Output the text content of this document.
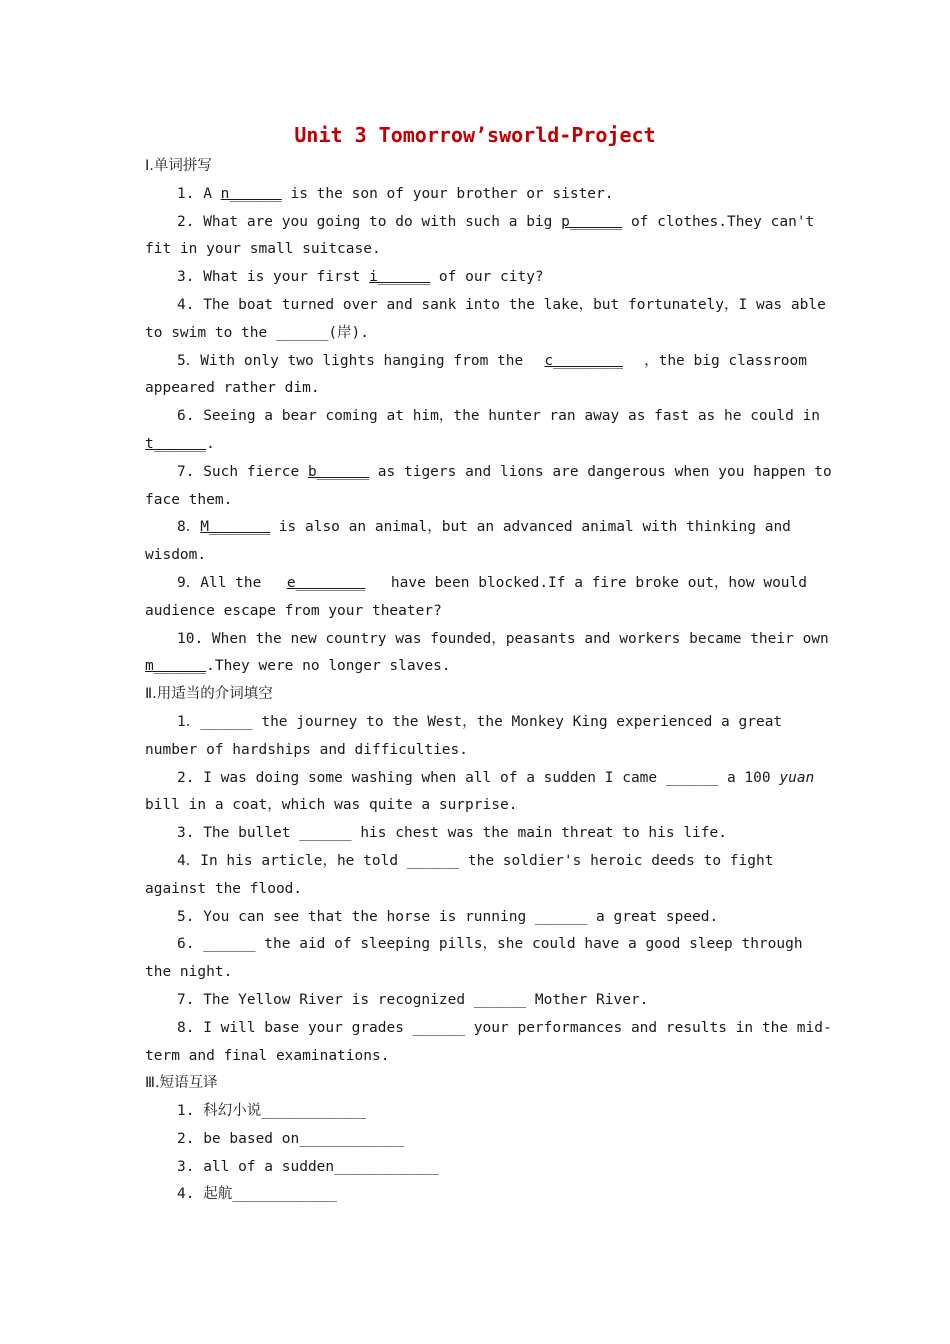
Unit 3 Tomorrow’sworld-Project
Ⅰ.单词拼写
1. A n______ is the son of your brother or sister.
2. What are you going to do with such a big p______ of clothes.They can't
fit in your small suitcase.
3. What is your first i______ of our city?
4. The boat turned over and sank into the lake，but fortunately，I was able
to swim to the ______(岸).
5．With only two lights hanging from the c________ ，the big classroom
appeared rather dim.
6. Seeing a bear coming at him，the hunter ran away as fast as he could in
t______.
7. Such fierce b______ as tigers and lions are dangerous when you happen to
face them.
8．M_______ is also an animal，but an advanced animal with thinking and
wisdom.
9．All the e________ have been blocked.If a fire broke out，how would
audience escape from your theater?
10. When the new country was founded，peasants and workers became their own
m______.They were no longer slaves.
Ⅱ.用适当的介词填空
1．______ the journey to the West，the Monkey King experienced a great
number of hardships and difficulties.
2. I was doing some washing when all of a sudden I came ______ a 100 yuan
bill in a coat，which was quite a surprise.
3. The bullet ______ his chest was the main threat to his life.
4．In his article，he told ______ the soldier's heroic deeds to fight
against the flood.
5. You can see that the horse is running ______ a great speed.
6. ______ the aid of sleeping pills，she could have a good sleep through
the night.
7. The Yellow River is recognized ______ Mother River.
8. I will base your grades ______ your performances and results in the mid-
term and final examinations.
Ⅲ.短语互译
1. 科幻小说____________
2. be based on____________
3. all of a sudden____________
4. 起航____________
